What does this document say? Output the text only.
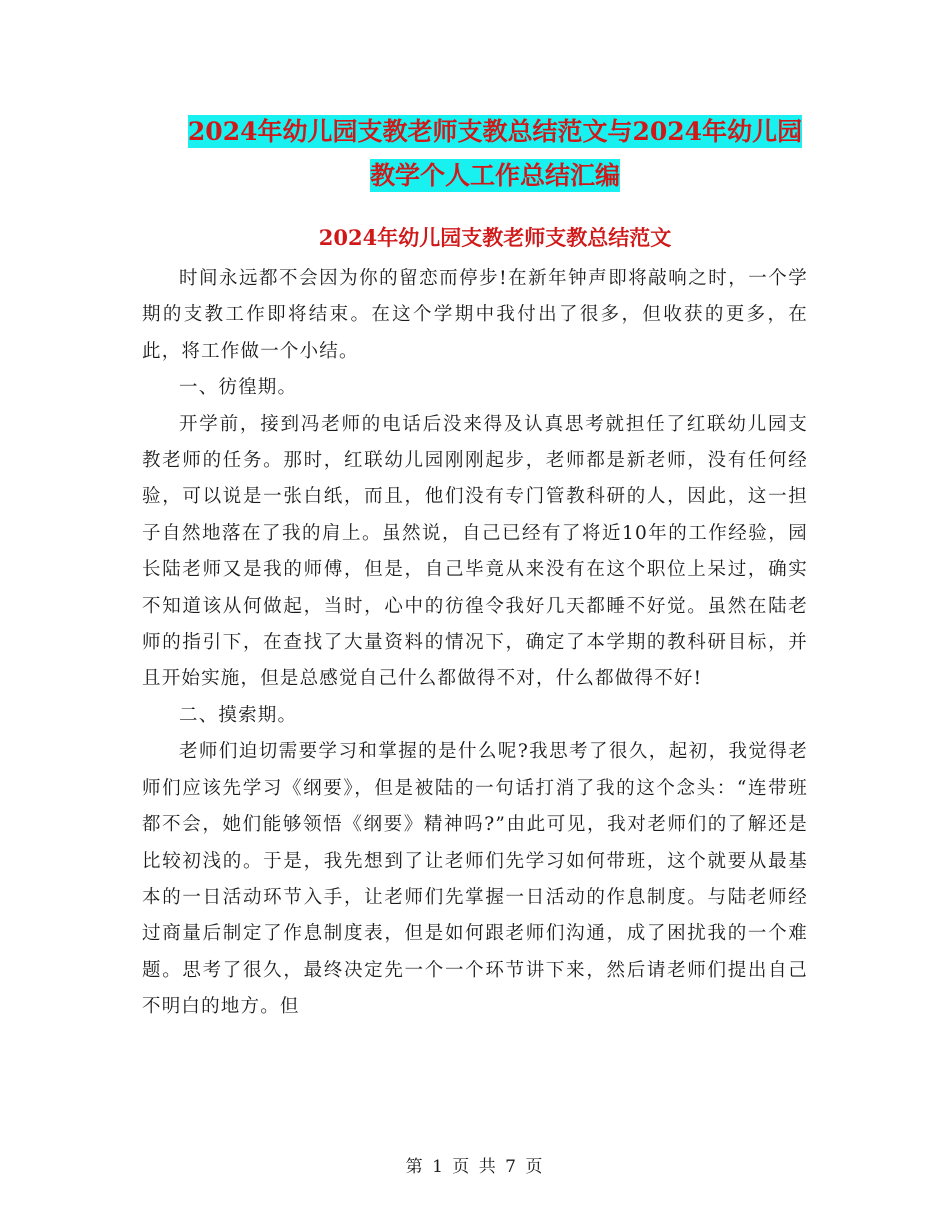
2024年幼儿园支教老师支教总结范文与2024年幼儿园
教学个人工作总结汇编
2024年幼儿园支教老师支教总结范文

时间永远都不会因为你的留恋而停步!在新年钟声即将敲响之时，一个学期的支教工作即将结束。在这个学期中我付出了很多，但收获的更多，在此，将工作做一个小结。

一、彷徨期。

开学前，接到冯老师的电话后没来得及认真思考就担任了红联幼儿园支教老师的任务。那时，红联幼儿园刚刚起步，老师都是新老师，没有任何经验，可以说是一张白纸，而且，他们没有专门管教科研的人，因此，这一担子自然地落在了我的肩上。虽然说，自己已经有了将近10年的工作经验，园长陆老师又是我的师傅，但是，自己毕竟从来没有在这个职位上呆过，确实不知道该从何做起，当时，心中的彷徨令我好几天都睡不好觉。虽然在陆老师的指引下，在查找了大量资料的情况下，确定了本学期的教科研目标，并且开始实施，但是总感觉自己什么都做得不对，什么都做得不好!

二、摸索期。

老师们迫切需要学习和掌握的是什么呢?我思考了很久，起初，我觉得老师们应该先学习《纲要》，但是被陆的一句话打消了我的这个念头：“连带班都不会，她们能够领悟《纲要》精神吗?”由此可见，我对老师们的了解还是比较初浅的。于是，我先想到了让老师们先学习如何带班，这个就要从最基本的一日活动环节入手，让老师们先掌握一日活动的作息制度。与陆老师经过商量后制定了作息制度表，但是如何跟老师们沟通，成了困扰我的一个难题。思考了很久，最终决定先一个一个环节讲下来，然后请老师们提出自己不明白的地方。但

第 1 页 共 7 页
